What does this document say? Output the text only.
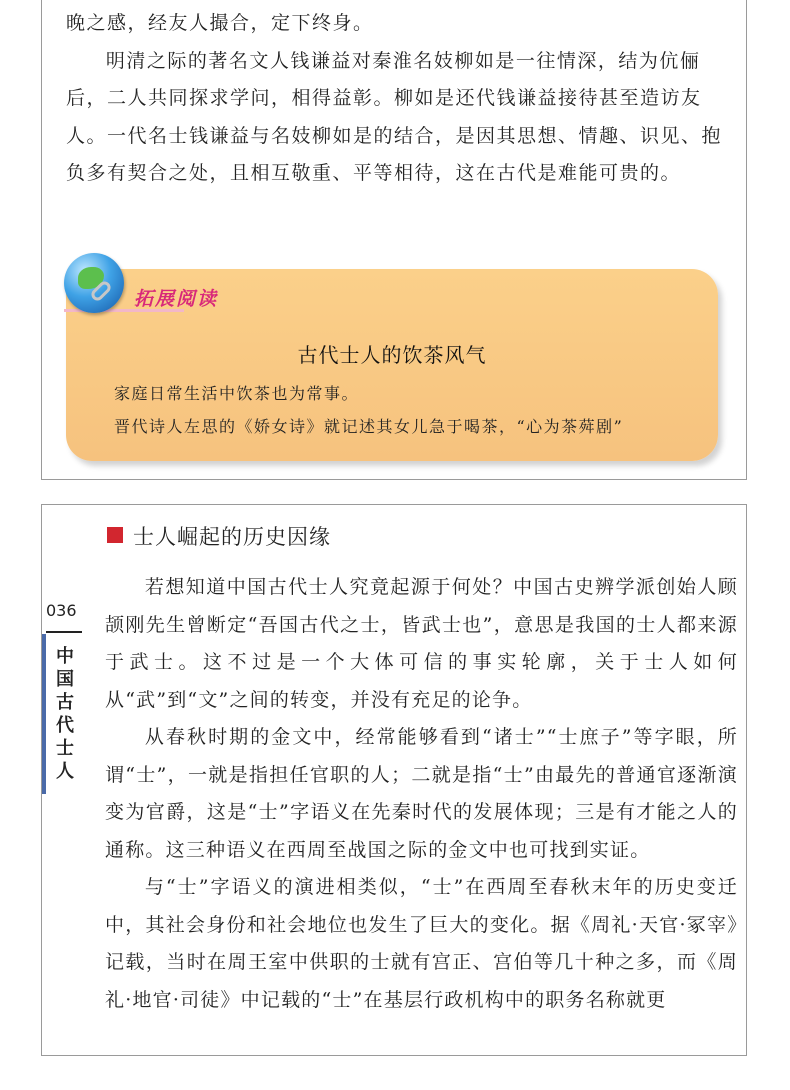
晚之感，经友人撮合，定下终身。

明清之际的著名文人钱谦益对秦淮名妓柳如是一往情深，结为伉俪后，二人共同探求学问，相得益彰。柳如是还代钱谦益接待甚至造访友人。一代名士钱谦益与名妓柳如是的结合，是因其思想、情趣、识见、抱负多有契合之处，且相互敬重、平等相待，这在古代是难能可贵的。

拓展阅读
古代士人的饮茶风气

家庭日常生活中饮茶也为常事。

晋代诗人左思的《娇女诗》就记述其女儿急于喝茶，“心为茶荈剧”

士人崛起的历史因缘
036
中国古代士人

若想知道中国古代士人究竟起源于何处？中国古史辨学派创始人顾颉刚先生曾断定“吾国古代之士，皆武士也”，意思是我国的士人都来源于武士。这不过是一个大体可信的事实轮廓，关于士人如何从“武”到“文”之间的转变，并没有充足的论争。

从春秋时期的金文中，经常能够看到“诸士”“士庶子”等字眼，所谓“士”，一就是指担任官职的人；二就是指“士”由最先的普通官逐渐演变为官爵，这是“士”字语义在先秦时代的发展体现；三是有才能之人的通称。这三种语义在西周至战国之际的金文中也可找到实证。

与“士”字语义的演进相类似，“士”在西周至春秋末年的历史变迁中，其社会身份和社会地位也发生了巨大的变化。据《周礼·天官·冢宰》记载，当时在周王室中供职的士就有宫正、宫伯等几十种之多，而《周礼·地官·司徒》中记载的“士”在基层行政机构中的职务名称就更
